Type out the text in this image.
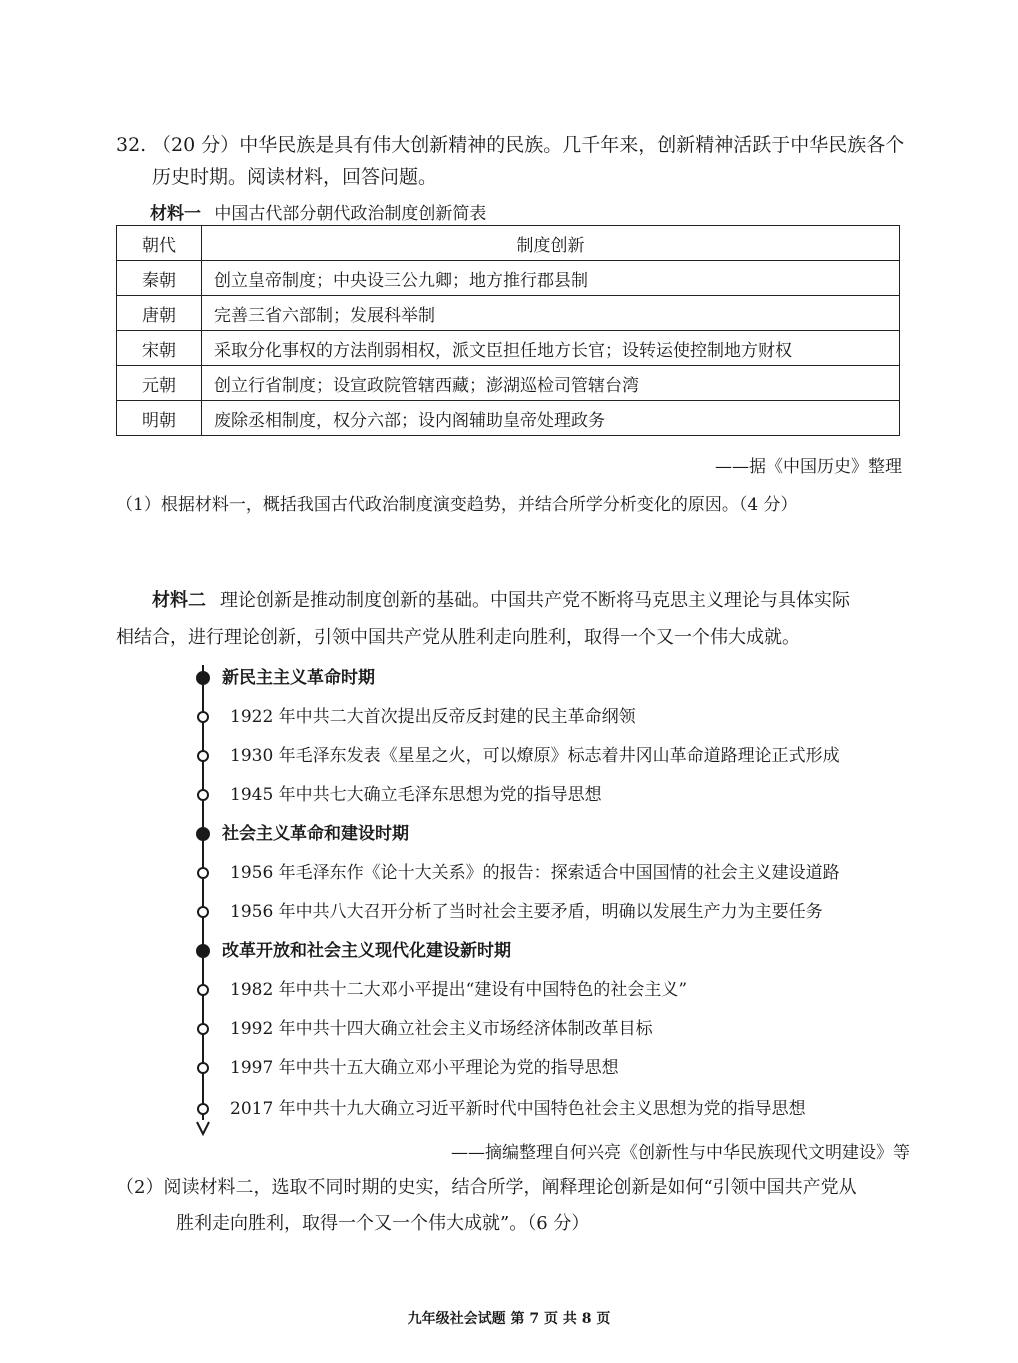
32. （20 分）中华民族是具有伟大创新精神的民族。几千年来，创新精神活跃于中华民族各个
历史时期。阅读材料，回答问题。
材料一 中国古代部分朝代政治制度创新简表
朝代	制度创新
秦朝	创立皇帝制度；中央设三公九卿；地方推行郡县制
唐朝	完善三省六部制；发展科举制
宋朝	采取分化事权的方法削弱相权，派文臣担任地方长官；设转运使控制地方财权
元朝	创立行省制度；设宣政院管辖西藏；澎湖巡检司管辖台湾
明朝	废除丞相制度，权分六部；设内阁辅助皇帝处理政务
——据《中国历史》整理
（1）根据材料一，概括我国古代政治制度演变趋势，并结合所学分析变化的原因。（4 分）
材料二 理论创新是推动制度创新的基础。中国共产党不断将马克思主义理论与具体实际
相结合，进行理论创新，引领中国共产党从胜利走向胜利，取得一个又一个伟大成就。
新民主主义革命时期
1922 年中共二大首次提出反帝反封建的民主革命纲领
1930 年毛泽东发表《星星之火，可以燎原》标志着井冈山革命道路理论正式形成
1945 年中共七大确立毛泽东思想为党的指导思想
社会主义革命和建设时期
1956 年毛泽东作《论十大关系》的报告：探索适合中国国情的社会主义建设道路
1956 年中共八大召开分析了当时社会主要矛盾，明确以发展生产力为主要任务
改革开放和社会主义现代化建设新时期
1982 年中共十二大邓小平提出“建设有中国特色的社会主义”
1992 年中共十四大确立社会主义市场经济体制改革目标
1997 年中共十五大确立邓小平理论为党的指导思想
2017 年中共十九大确立习近平新时代中国特色社会主义思想为党的指导思想
——摘编整理自何兴亮《创新性与中华民族现代文明建设》等
（2）阅读材料二，选取不同时期的史实，结合所学，阐释理论创新是如何“引领中国共产党从
胜利走向胜利，取得一个又一个伟大成就”。（6 分）
九年级社会试题 第 7 页 共 8 页
